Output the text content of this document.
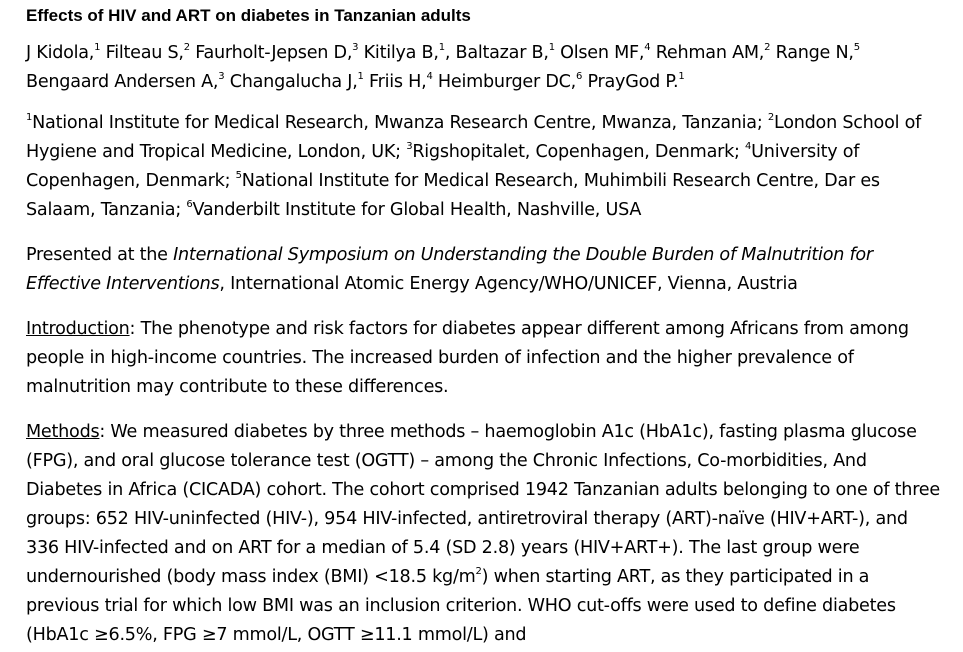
Effects of HIV and ART on diabetes in Tanzanian adults

J Kidola,$^1$ Filteau S,$^2$ Faurholt-Jepsen D,$^3$ Kitilya B,$^1$, Baltazar B,$^1$ Olsen MF,$^4$ Rehman AM,$^2$ Range N,$^5$
Bengaard Andersen A,$^3$ Changalucha J,$^1$ Friis H,$^4$ Heimburger DC,$^6$ PrayGod P.$^1$

$^1$National Institute for Medical Research, Mwanza Research Centre, Mwanza, Tanzania; $^2$London School of Hygiene and Tropical Medicine, London, UK; $^3$Rigshopitalet, Copenhagen, Denmark; $^4$University of Copenhagen, Denmark; $^5$National Institute for Medical Research, Muhimbili Research Centre, Dar es Salaam, Tanzania; $^6$Vanderbilt Institute for Global Health, Nashville, USA

Presented at the International Symposium on Understanding the Double Burden of Malnutrition for Effective Interventions, International Atomic Energy Agency/WHO/UNICEF, Vienna, Austria

Introduction: The phenotype and risk factors for diabetes appear different among Africans from among people in high-income countries. The increased burden of infection and the higher prevalence of malnutrition may contribute to these differences.

Methods: We measured diabetes by three methods – haemoglobin A1c (HbA1c), fasting plasma glucose (FPG), and oral glucose tolerance test (OGTT) – among the Chronic Infections, Co-morbidities, And Diabetes in Africa (CICADA) cohort. The cohort comprised 1942 Tanzanian adults belonging to one of three groups: 652 HIV-uninfected (HIV-), 954 HIV-infected, antiretroviral therapy (ART)-naïve (HIV+ART-), and 336 HIV-infected and on ART for a median of 5.4 (SD 2.8) years (HIV+ART+). The last group were undernourished (body mass index (BMI) <18.5 $kg/m^2$) when starting ART, as they participated in a previous trial for which low BMI was an inclusion criterion. WHO cut-offs were used to define diabetes (HbA1c ≥6.5%, FPG ≥7 mmol/L, OGTT ≥11.1 mmol/L) and
